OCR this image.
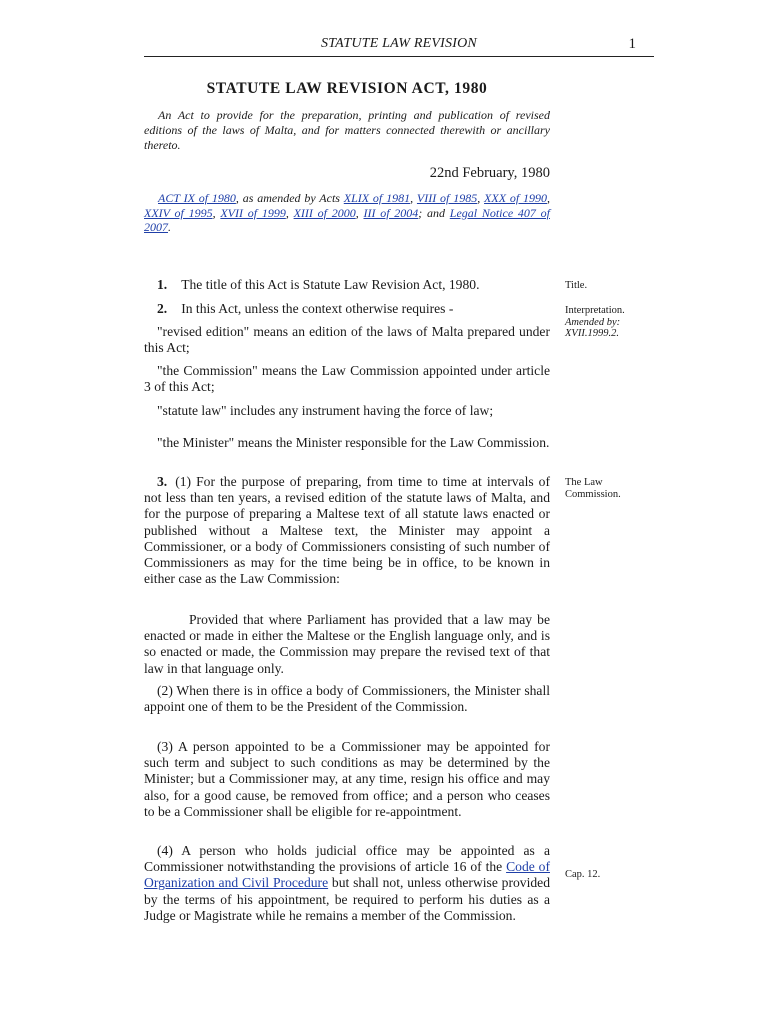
STATUTE LAW REVISION	1
STATUTE LAW REVISION ACT, 1980
An Act to provide for the preparation, printing and publication of revised editions of the laws of Malta, and for matters connected therewith or ancillary thereto.
22nd February, 1980
ACT IX of 1980, as amended by Acts XLIX of 1981, VIII of 1985, XXX of 1990, XXIV of 1995, XVII of 1999, XIII of 2000, III of 2004; and Legal Notice 407 of 2007.
1. The title of this Act is Statute Law Revision Act, 1980.	Title.
2. In this Act, unless the context otherwise requires -	Interpretation.
Amended by:
XVII.1999.2.
"revised edition" means an edition of the laws of Malta prepared under this Act;
"the Commission" means the Law Commission appointed under article 3 of this Act;
"statute law" includes any instrument having the force of law;
"the Minister" means the Minister responsible for the Law Commission.
3. (1) For the purpose of preparing, from time to time at intervals of not less than ten years, a revised edition of the statute laws of Malta, and for the purpose of preparing a Maltese text of all statute laws enacted or published without a Maltese text, the Minister may appoint a Commissioner, or a body of Commissioners consisting of such number of Commissioners as may for the time being be in office, to be known in either case as the Law Commission:
The Law Commission.
Provided that where Parliament has provided that a law may be enacted or made in either the Maltese or the English language only, and is so enacted or made, the Commission may prepare the revised text of that law in that language only.
(2) When there is in office a body of Commissioners, the Minister shall appoint one of them to be the President of the Commission.
(3) A person appointed to be a Commissioner may be appointed for such term and subject to such conditions as may be determined by the Minister; but a Commissioner may, at any time, resign his office and may also, for a good cause, be removed from office; and a person who ceases to be a Commissioner shall be eligible for re-appointment.
(4) A person who holds judicial office may be appointed as a Commissioner notwithstanding the provisions of article 16 of the Code of Organization and Civil Procedure but shall not, unless otherwise provided by the terms of his appointment, be required to perform his duties as a Judge or Magistrate while he remains a member of the Commission.
Cap. 12.
